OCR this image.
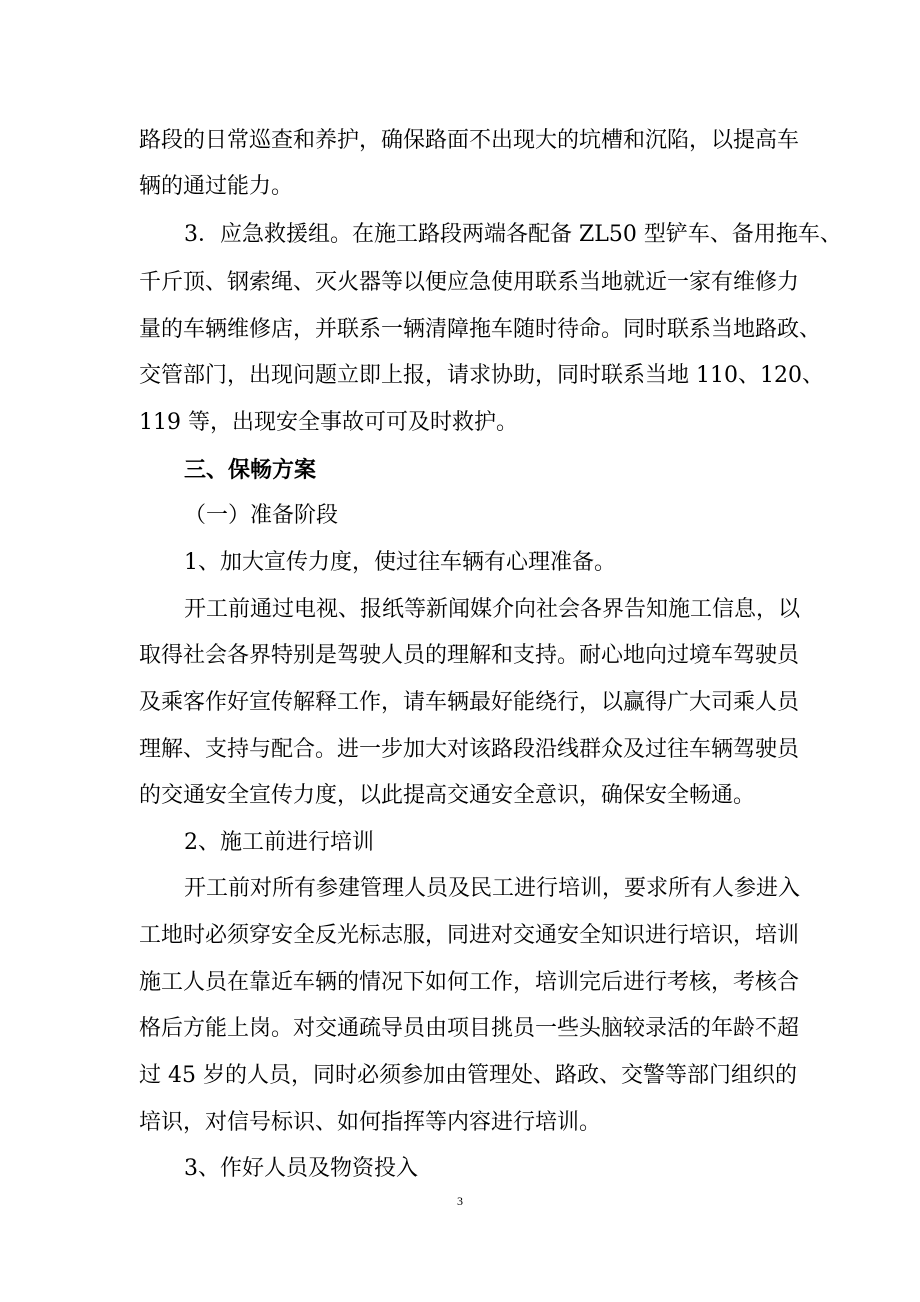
路段的日常巡查和养护，确保路面不出现大的坑槽和沉陷，以提高车

辆的通过能力。

3．应急救援组。在施工路段两端各配备 ZL50 型铲车、备用拖车、

千斤顶、钢索绳、灭火器等以便应急使用联系当地就近一家有维修力

量的车辆维修店，并联系一辆清障拖车随时待命。同时联系当地路政、

交管部门，出现问题立即上报，请求协助，同时联系当地 110、120、

119 等，出现安全事故可可及时救护。

三、保畅方案

（一）准备阶段

1、加大宣传力度，使过往车辆有心理准备。

开工前通过电视、报纸等新闻媒介向社会各界告知施工信息，以

取得社会各界特别是驾驶人员的理解和支持。耐心地向过境车驾驶员

及乘客作好宣传解释工作，请车辆最好能绕行，以赢得广大司乘人员

理解、支持与配合。进一步加大对该路段沿线群众及过往车辆驾驶员

的交通安全宣传力度，以此提高交通安全意识，确保安全畅通。

2、施工前进行培训

开工前对所有参建管理人员及民工进行培训，要求所有人参进入

工地时必须穿安全反光标志服，同进对交通安全知识进行培识，培训

施工人员在靠近车辆的情况下如何工作，培训完后进行考核，考核合

格后方能上岗。对交通疏导员由项目挑员一些头脑较录活的年龄不超

过 45 岁的人员，同时必须参加由管理处、路政、交警等部门组织的

培识，对信号标识、如何指挥等内容进行培训。

3、作好人员及物资投入

3
